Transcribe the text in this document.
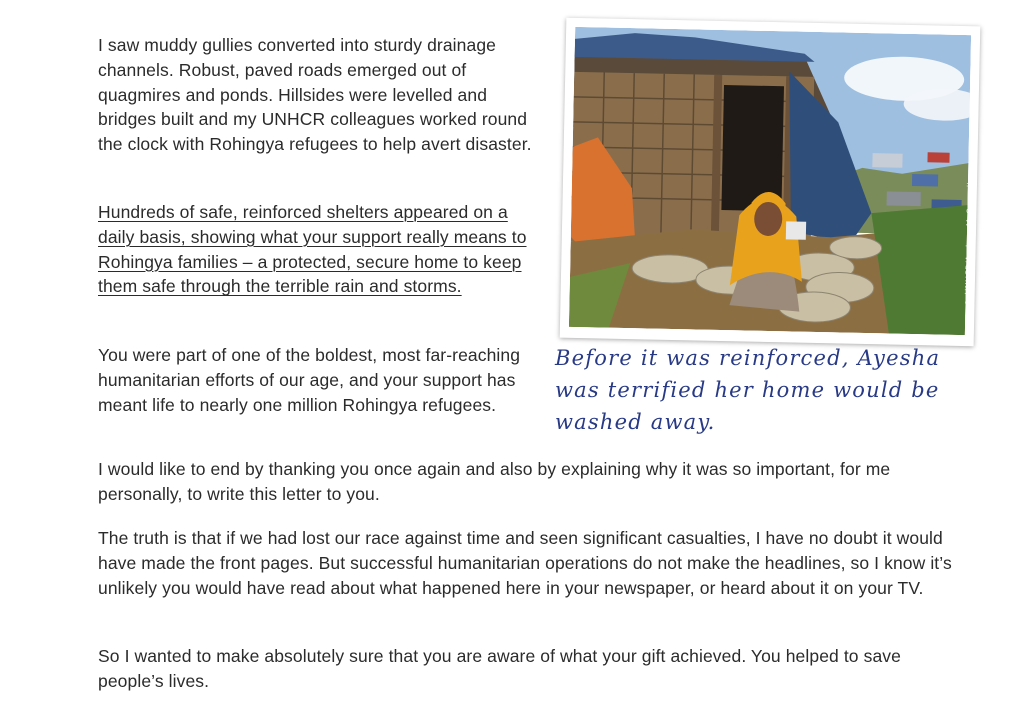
I saw muddy gullies converted into sturdy drainage channels. Robust, paved roads emerged out of quagmires and ponds. Hillsides were levelled and bridges built and my UNHCR colleagues worked round the clock with Rohingya refugees to help avert disaster.

Hundreds of safe, reinforced shelters appeared on a daily basis, showing what your support really means to Rohingya families – a protected, secure home to keep them safe through the terrible rain and storms.

You were part of one of the boldest, most far-reaching humanitarian efforts of our age, and your support has meant life to nearly one million Rohingya refugees.

I would like to end by thanking you once again and also by explaining why it was so important, for me personally, to write this letter to you.

The truth is that if we had lost our race against time and seen significant casualties, I have no doubt it would have made the front pages. But successful humanitarian operations do not make the headlines, so I know it’s unlikely you would have read about what happened here in your newspaper, or heard about it on your TV.

So I wanted to make absolutely sure that you are aware of what your gift achieved. You helped to save people’s lives.

© UNHCR/Andrew McConnell

Before it was reinforced, Ayesha was terrified her home would be washed away.
